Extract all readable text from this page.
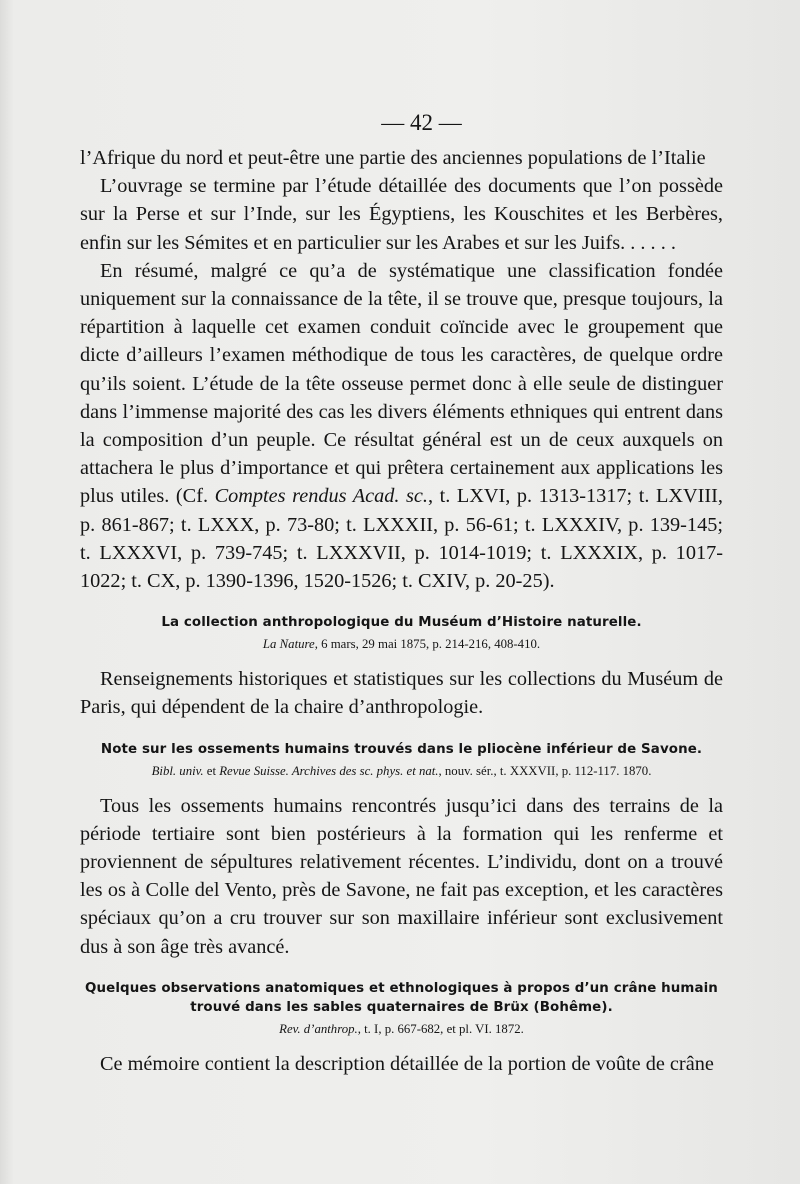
— 42 —

l’Afrique du nord et peut-être une partie des anciennes populations de l’Italie

L’ouvrage se termine par l’étude détaillée des documents que l’on possède sur la Perse et sur l’Inde, sur les Égyptiens, les Kouschites et les Berbères, enfin sur les Sémites et en particulier sur les Arabes et sur les Juifs. . . . . .

En résumé, malgré ce qu’a de systématique une classification fondée uniquement sur la connaissance de la tête, il se trouve que, presque toujours, la répartition à laquelle cet examen conduit coïncide avec le groupement que dicte d’ailleurs l’examen méthodique de tous les caractères, de quelque ordre qu’ils soient. L’étude de la tête osseuse permet donc à elle seule de distinguer dans l’immense majorité des cas les divers éléments ethniques qui entrent dans la composition d’un peuple. Ce résultat général est un de ceux auxquels on attachera le plus d’importance et qui prêtera certainement aux applications les plus utiles. (Cf. Comptes rendus Acad. sc., t. LXVI, p. 1313-1317; t. LXVIII, p. 861-867; t. LXXX, p. 73-80; t. LXXXII, p. 56-61; t. LXXXIV, p. 139-145; t. LXXXVI, p. 739-745; t. LXXXVII, p. 1014-1019; t. LXXXIX, p. 1017-1022; t. CX, p. 1390-1396, 1520-1526; t. CXIV, p. 20-25).

La collection anthropologique du Muséum d’Histoire naturelle.
La Nature, 6 mars, 29 mai 1875, p. 214-216, 408-410.

Renseignements historiques et statistiques sur les collections du Muséum de Paris, qui dépendent de la chaire d’anthropologie.

Note sur les ossements humains trouvés dans le pliocène inférieur de Savone.
Bibl. univ. et Revue Suisse. Archives des sc. phys. et nat., nouv. sér., t. XXXVII, p. 112-117. 1870.

Tous les ossements humains rencontrés jusqu’ici dans des terrains de la période tertiaire sont bien postérieurs à la formation qui les renferme et proviennent de sépultures relativement récentes. L’individu, dont on a trouvé les os à Colle del Vento, près de Savone, ne fait pas exception, et les caractères spéciaux qu’on a cru trouver sur son maxillaire inférieur sont exclusivement dus à son âge très avancé.

Quelques observations anatomiques et ethnologiques à propos d’un crâne humain trouvé dans les sables quaternaires de Brüx (Bohême).
Rev. d’anthrop., t. I, p. 667-682, et pl. VI. 1872.

Ce mémoire contient la description détaillée de la portion de voûte de crâne
